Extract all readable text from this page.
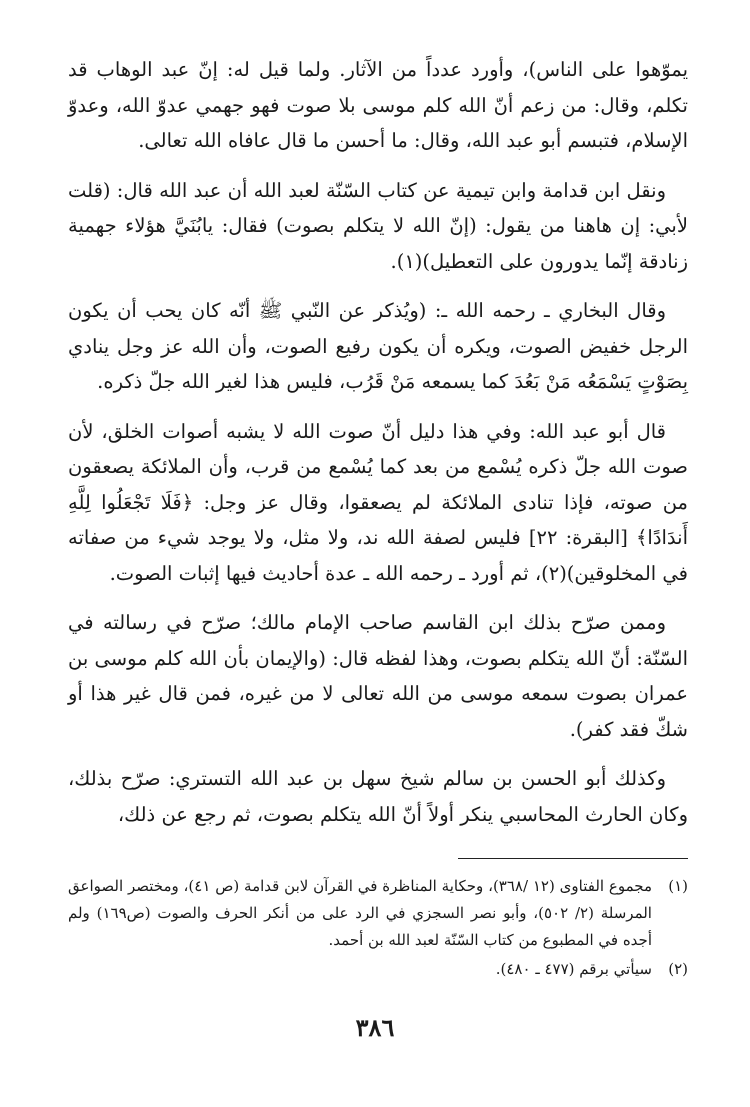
يموّهوا على الناس)، وأورد عدداً من الآثار. ولما قيل له: إنّ عبد الوهاب قد تكلم، وقال: من زعم أنّ الله كلم موسى بلا صوت فهو جهمي عدوّ الله، وعدوّ الإسلام، فتبسم أبو عبد الله، وقال: ما أحسن ما قال عافاه الله تعالى.

ونقل ابن قدامة وابن تيمية عن كتاب السّنّة لعبد الله أن عبد الله قال: (قلت لأبي: إن هاهنا من يقول: (إنّ الله لا يتكلم بصوت) فقال: يابُنَيَّ هؤلاء جهمية زنادقة إنّما يدورون على التعطيل)(١).

وقال البخاري ـ رحمه الله ـ: (ويُذكر عن النّبي ﷺ أنّه كان يحب أن يكون الرجل خفيض الصوت، ويكره أن يكون رفيع الصوت، وأن الله عز وجل ينادي بِصَوْتٍ يَسْمَعُه مَنْ بَعُدَ كما يسمعه مَنْ قَرُب، فليس هذا لغير الله جلّ ذكره.

قال أبو عبد الله: وفي هذا دليل أنّ صوت الله لا يشبه أصوات الخلق، لأن صوت الله جلّ ذكره يُسْمع من بعد كما يُسْمع من قرب، وأن الملائكة يصعقون من صوته، فإذا تنادى الملائكة لم يصعقوا، وقال عز وجل: ﴿فَلَا تَجْعَلُوا لِلَّهِ أَندَادًا﴾ [البقرة: ٢٢] فليس لصفة الله ند، ولا مثل، ولا يوجد شيء من صفاته في المخلوقين)(٢)، ثم أورد ـ رحمه الله ـ عدة أحاديث فيها إثبات الصوت.

وممن صرّح بذلك ابن القاسم صاحب الإمام مالك؛ صرّح في رسالته في السّنّة: أنّ الله يتكلم بصوت، وهذا لفظه قال: (والإيمان بأن الله كلم موسى بن عمران بصوت سمعه موسى من الله تعالى لا من غيره، فمن قال غير هذا أو شكّ فقد كفر).

وكذلك أبو الحسن بن سالم شيخ سهل بن عبد الله التستري: صرّح بذلك، وكان الحارث المحاسبي ينكر أولاً أنّ الله يتكلم بصوت، ثم رجع عن ذلك،

(١)
مجموع الفتاوى (١٢ /٣٦٨)، وحكاية المناظرة في القرآن لابن قدامة (ص ٤١)، ومختصر الصواعق المرسلة (٢/ ٥٠٢)، وأبو نصر السجزي في الرد على من أنكر الحرف والصوت (ص١٦٩) ولم أجده في المطبوع من كتاب السّنّة لعبد الله بن أحمد.
(٢)
سيأتي برقم (٤٧٧ ـ ٤٨٠).
٣٨٦
